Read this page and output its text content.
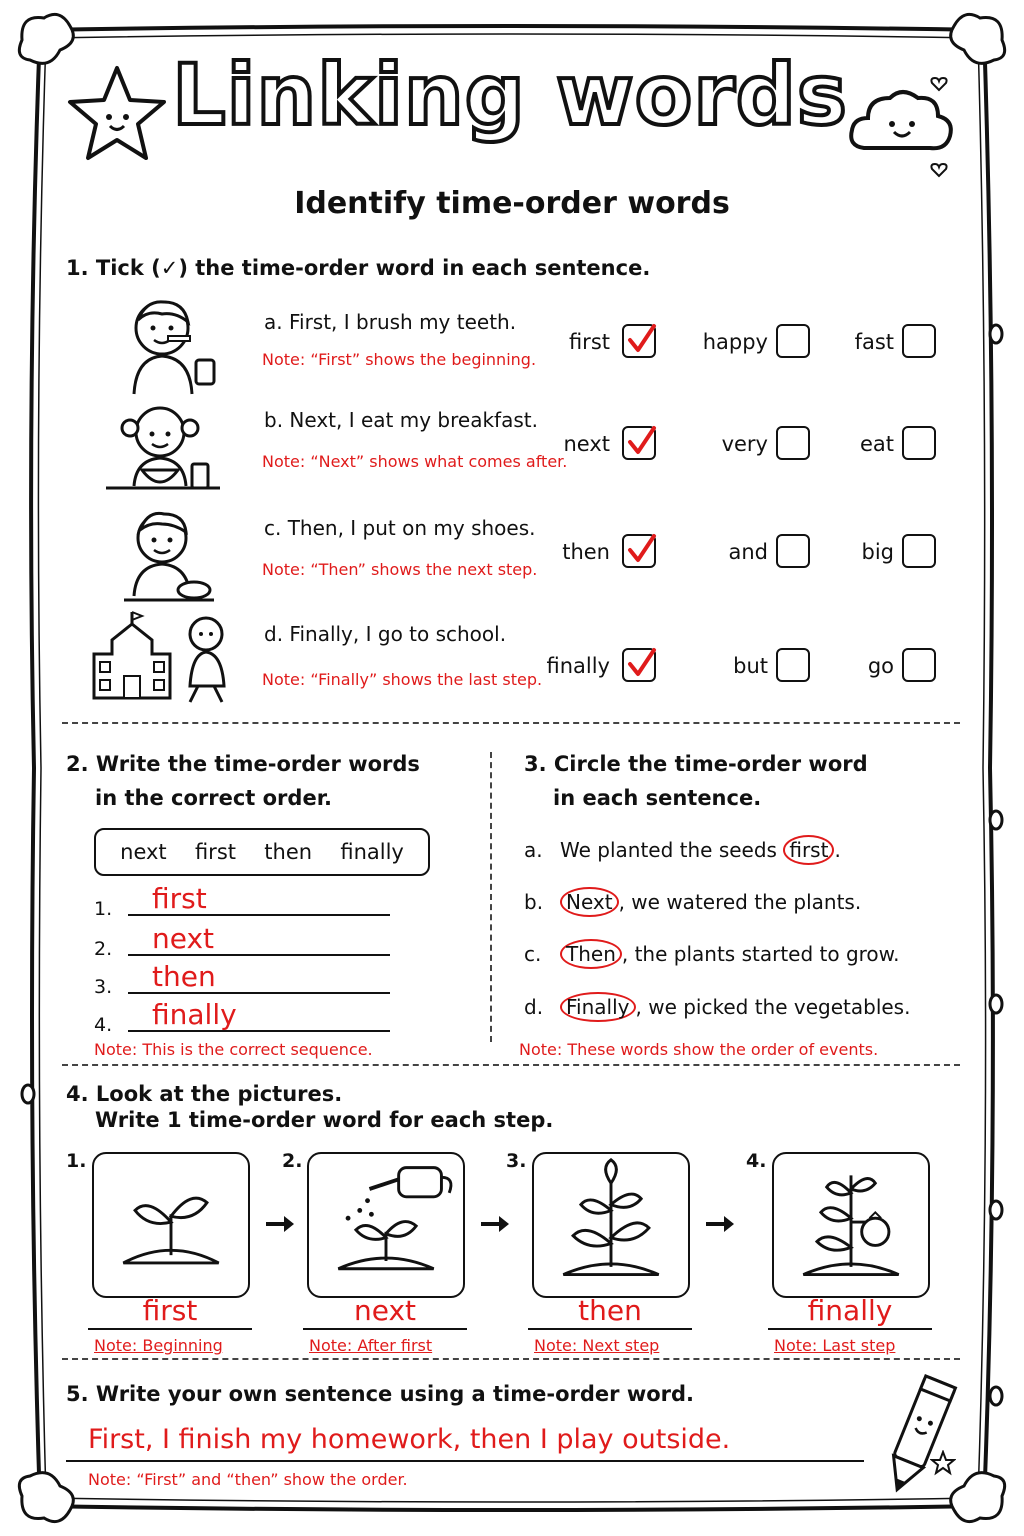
Linking words
Identify time-order words
1. Tick (✓) the time-order word in each sentence.
a. First, I brush my teeth.
Note: “First” shows the beginning.
first	happy	fast
b. Next, I eat my breakfast.
Note: “Next” shows what comes after.
next	very	eat
c. Then, I put on my shoes.
Note: “Then” shows the next step.
then	and	big
d. Finally, I go to school.
Note: “Finally” shows the last step.
finally	but	go
2. Write the time-order words
in the correct order.
next first then finally
1. first
2. next
3. then
4. finally
Note: This is the correct sequence.
3. Circle the time-order word
in each sentence.
a. We planted the seeds first .
b. Next , we watered the plants.
c. Then , the plants started to grow.
d. Finally , we picked the vegetables.
Note: These words show the order of events.
4. Look at the pictures.
Write 1 time-order word for each step.
1.
first
Note: Beginning
2.
next
Note: After first
3.
then
Note: Next step
4.
finally
Note: Last step
5. Write your own sentence using a time-order word.
First, I finish my homework, then I play outside.
Note: “First” and “then” show the order.
